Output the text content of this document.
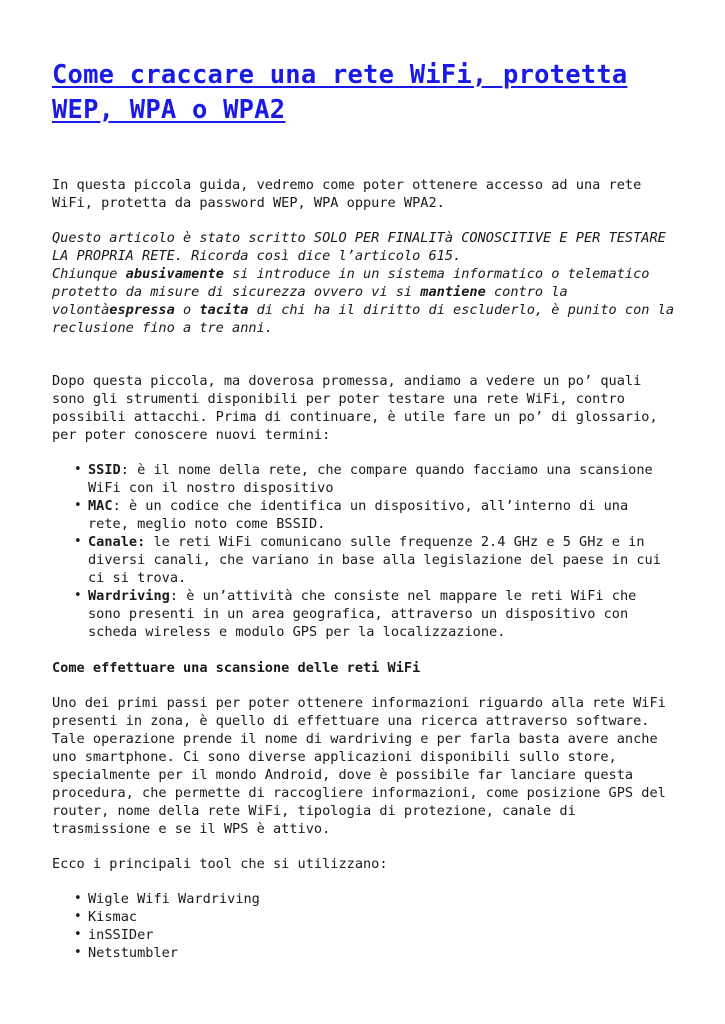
Come craccare una rete WiFi, protetta WEP, WPA o WPA2

In questa piccola guida, vedremo come poter ottenere accesso ad una rete WiFi, protetta da password WEP, WPA oppure WPA2.

Questo articolo è stato scritto SOLO PER FINALITà CONOSCITIVE E PER TESTARE LA PROPRIA RETE. Ricorda così dice l’articolo 615.
Chiunque abusivamente si introduce in un sistema informatico o telematico protetto da misure di sicurezza ovvero vi si mantiene contro la volontàespressa o tacita di chi ha il diritto di escluderlo, è punito con la reclusione fino a tre anni.

Dopo questa piccola, ma doverosa promessa, andiamo a vedere un po’ quali sono gli strumenti disponibili per poter testare una rete WiFi, contro possibili attacchi. Prima di continuare, è utile fare un po’ di glossario, per poter conoscere nuovi termini:

• SSID: è il nome della rete, che compare quando facciamo una scansione WiFi con il nostro dispositivo
• MAC: è un codice che identifica un dispositivo, all’interno di una rete, meglio noto come BSSID.
• Canale: le reti WiFi comunicano sulle frequenze 2.4 GHz e 5 GHz e in diversi canali, che variano in base alla legislazione del paese in cui ci si trova.
• Wardriving: è un’attività che consiste nel mappare le reti WiFi che sono presenti in un area geografica, attraverso un dispositivo con scheda wireless e modulo GPS per la localizzazione.

Come effettuare una scansione delle reti WiFi

Uno dei primi passi per poter ottenere informazioni riguardo alla rete WiFi presenti in zona, è quello di effettuare una ricerca attraverso software. Tale operazione prende il nome di wardriving e per farla basta avere anche uno smartphone. Ci sono diverse applicazioni disponibili sullo store, specialmente per il mondo Android, dove è possibile far lanciare questa procedura, che permette di raccogliere informazioni, come posizione GPS del router, nome della rete WiFi, tipologia di protezione, canale di trasmissione e se il WPS è attivo.

Ecco i principali tool che si utilizzano:

• Wigle Wifi Wardriving
• Kismac
• inSSIDer
• Netstumbler
